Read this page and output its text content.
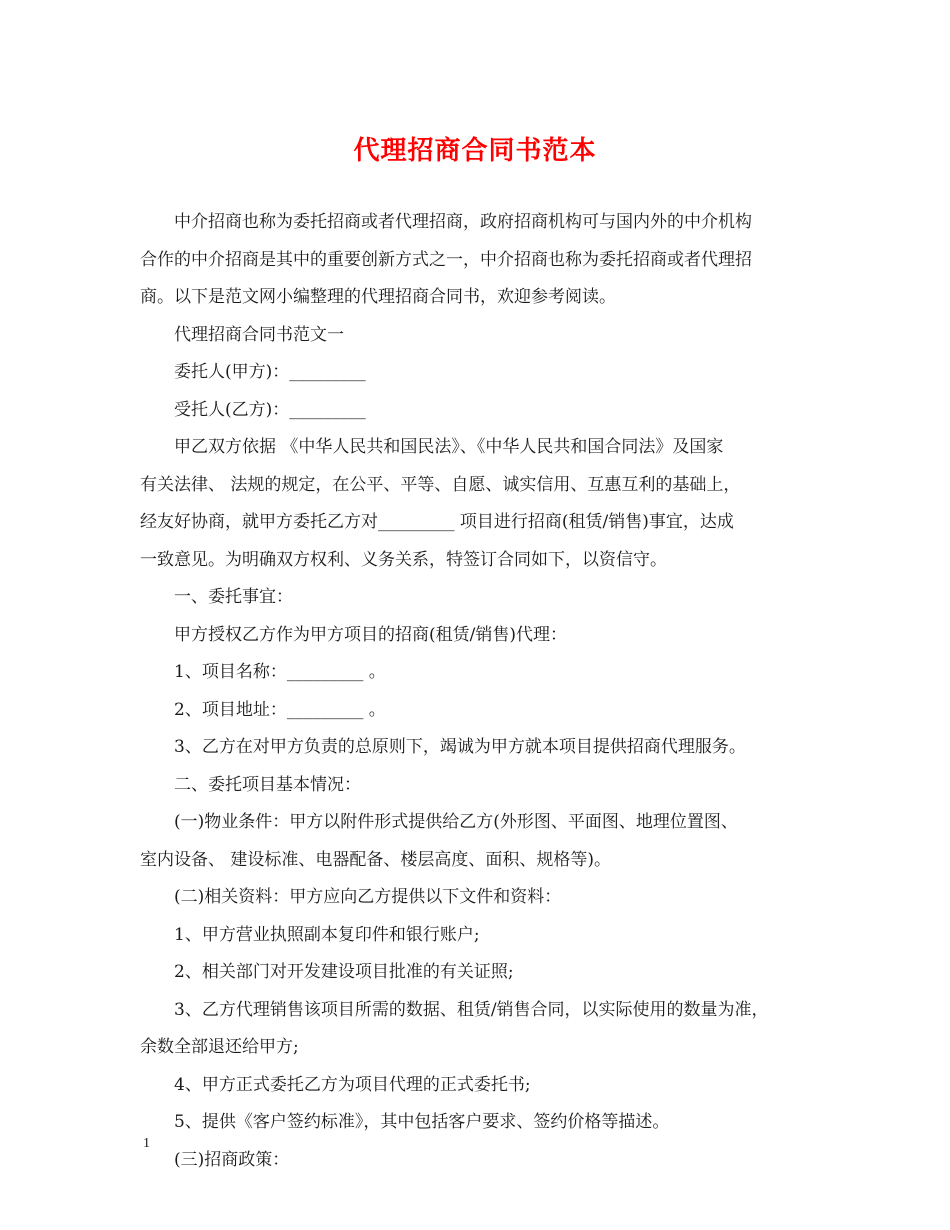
代理招商合同书范本

中介招商也称为委托招商或者代理招商，政府招商机构可与国内外的中介机构

合作的中介招商是其中的重要创新方式之一，中介招商也称为委托招商或者代理招

商。以下是范文网小编整理的代理招商合同书，欢迎参考阅读。

代理招商合同书范文一

委托人(甲方)：_________

受托人(乙方)：_________

甲乙双方依据 《中华人民共和国民法》、《中华人民共和国合同法》及国家

有关法律、 法规的规定，在公平、平等、自愿、诚实信用、互惠互利的基础上，

经友好协商，就甲方委托乙方对_________ 项目进行招商(租赁/销售)事宜，达成

一致意见。为明确双方权利、义务关系，特签订合同如下，以资信守。

一、委托事宜：

甲方授权乙方作为甲方项目的招商(租赁/销售)代理：

1、项目名称：_________ 。

2、项目地址：_________ 。

3、乙方在对甲方负责的总原则下，竭诚为甲方就本项目提供招商代理服务。

二、委托项目基本情况：

(一)物业条件：甲方以附件形式提供给乙方(外形图、平面图、地理位置图、

室内设备、 建设标准、电器配备、楼层高度、面积、规格等)。

(二)相关资料：甲方应向乙方提供以下文件和资料：

1、甲方营业执照副本复印件和银行账户;

2、相关部门对开发建设项目批准的有关证照;

3、乙方代理销售该项目所需的数据、租赁/销售合同，以实际使用的数量为准，

余数全部退还给甲方;

4、甲方正式委托乙方为项目代理的正式委托书;

5、提供《客户签约标准》，其中包括客户要求、签约价格等描述。

(三)招商政策：

1
